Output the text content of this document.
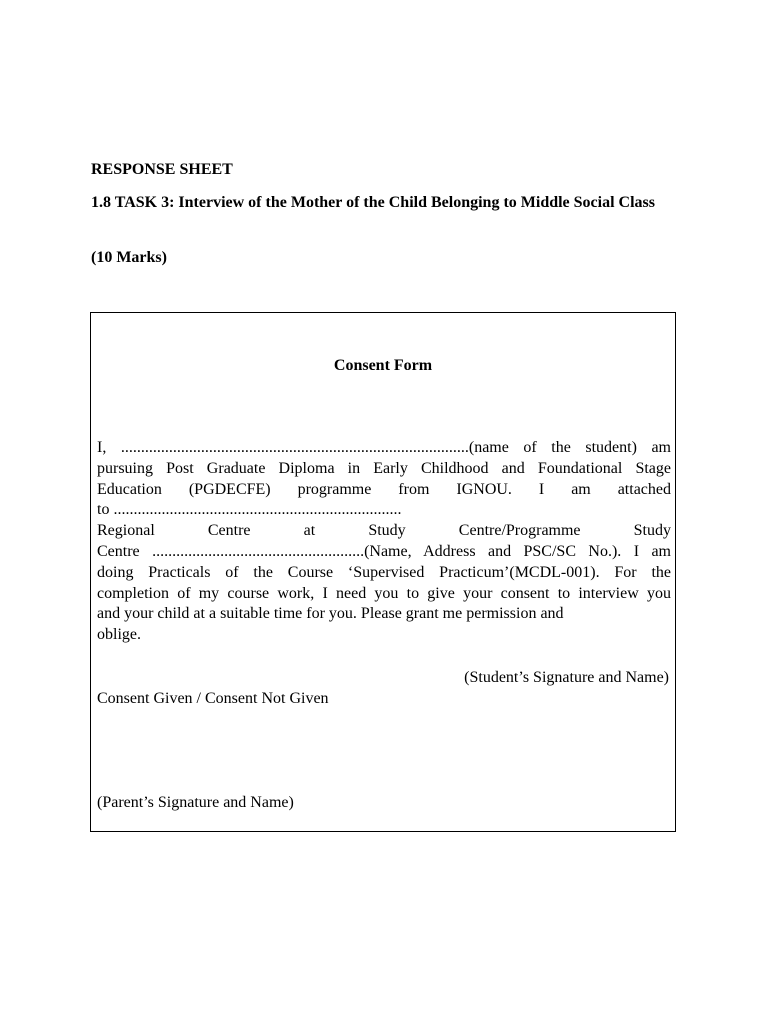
RESPONSE SHEET

1.8 TASK 3: Interview of the Mother of the Child Belonging to Middle Social Class

(10 Marks)

Consent Form

I, .......................................................................................(name of the student) am
pursuing Post Graduate Diploma in Early Childhood and Foundational Stage
Education (PGDECFE) programme from IGNOU. I am attached
to ........................................................................
Regional Centre at Study Centre/Programme Study
Centre .....................................................(Name, Address and PSC/SC No.). I am
doing Practicals of the Course ‘Supervised Practicum’(MCDL-001). For the
completion of my course work, I need you to give your consent to interview you
and your child at a suitable time for you. Please grant me permission and
oblige.

(Student’s Signature and Name)

Consent Given / Consent Not Given

(Parent’s Signature and Name)
